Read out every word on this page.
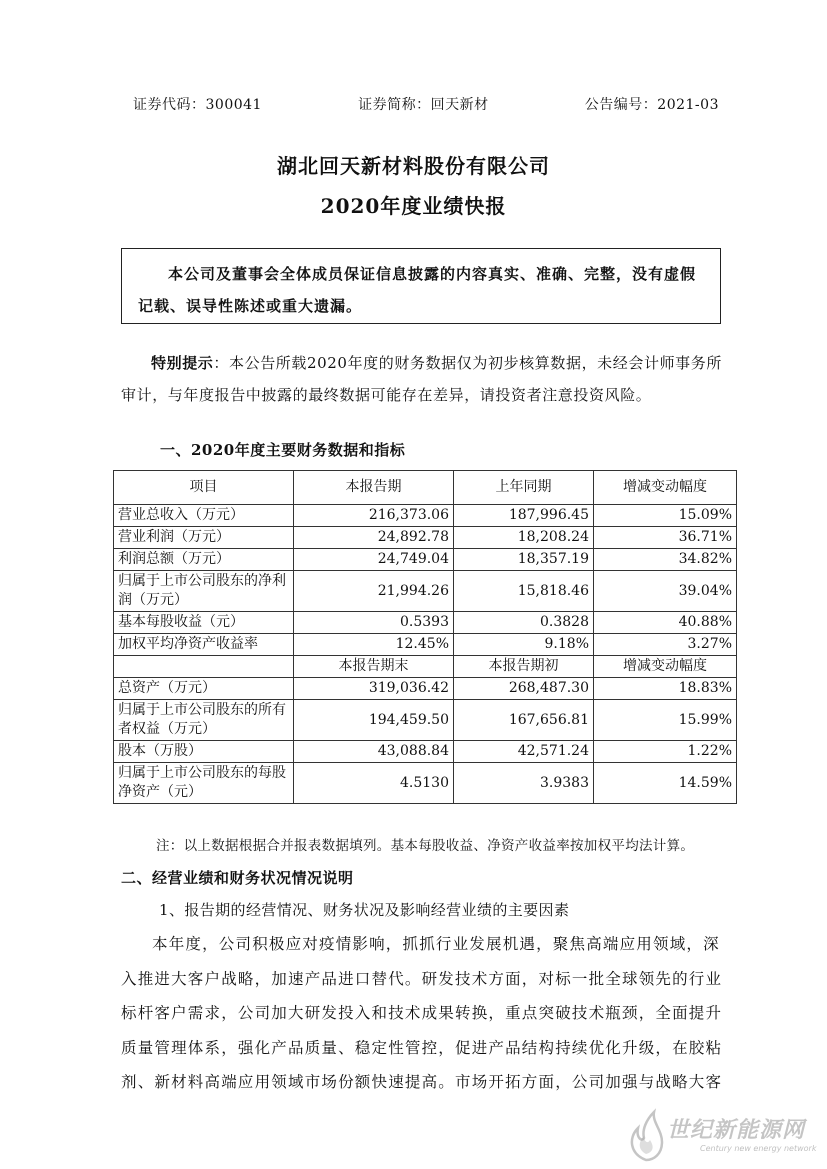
证券代码：300041	证券简称：回天新材	公告编号：2021-03
湖北回天新材料股份有限公司
2020年度业绩快报
本公司及董事会全体成员保证信息披露的内容真实、准确、完整，没有虚假记载、误导性陈述或重大遗漏。
特别提示：本公告所载2020年度的财务数据仅为初步核算数据，未经会计师事务所审计，与年度报告中披露的最终数据可能存在差异，请投资者注意投资风险。
一、2020年度主要财务数据和指标
项目	本报告期	上年同期	增减变动幅度
营业总收入（万元）	216,373.06	187,996.45	15.09%
营业利润（万元）	24,892.78	18,208.24	36.71%
利润总额（万元）	24,749.04	18,357.19	34.82%
归属于上市公司股东的净利润（万元）	21,994.26	15,818.46	39.04%
基本每股收益（元）	0.5393	0.3828	40.88%
加权平均净资产收益率	12.45%	9.18%	3.27%
	本报告期末	本报告期初	增减变动幅度
总资产（万元）	319,036.42	268,487.30	18.83%
归属于上市公司股东的所有者权益（万元）	194,459.50	167,656.81	15.99%
股本（万股）	43,088.84	42,571.24	1.22%
归属于上市公司股东的每股净资产（元）	4.5130	3.9383	14.59%
注：以上数据根据合并报表数据填列。基本每股收益、净资产收益率按加权平均法计算。
二、经营业绩和财务状况情况说明
1、报告期的经营情况、财务状况及影响经营业绩的主要因素
本年度，公司积极应对疫情影响，抓抓行业发展机遇，聚焦高端应用领域，深入推进大客户战略，加速产品进口替代。研发技术方面，对标一批全球领先的行业标杆客户需求，公司加大研发投入和技术成果转换，重点突破技术瓶颈，全面提升质量管理体系，强化产品质量、稳定性管控，促进产品结构持续优化升级，在胶粘剂、新材料高端应用领域市场份额快速提高。市场开拓方面，公司加强与战略大客
世纪新能源网
Century new energy network
